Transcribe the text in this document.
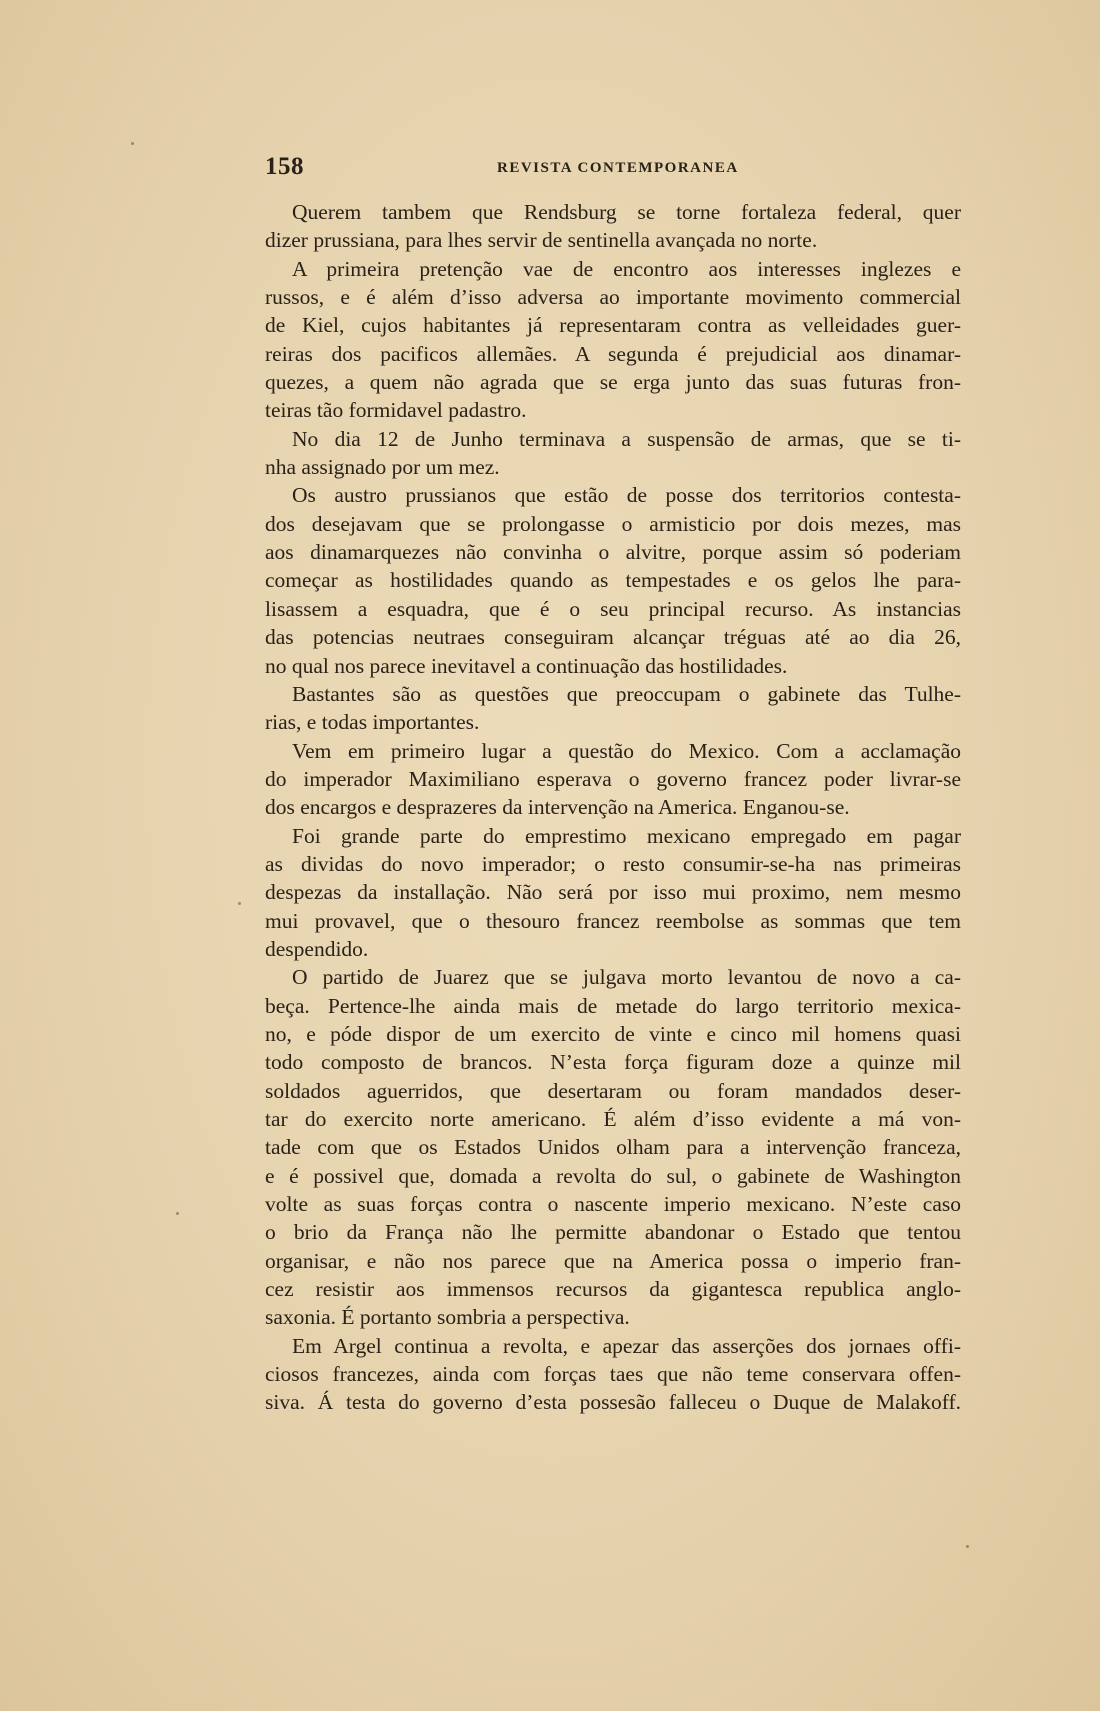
158	REVISTA CONTEMPORANEA
Querem tambem que Rendsburg se torne fortaleza federal, quer
dizer prussiana, para lhes servir de sentinella avançada no norte.
A primeira pretenção vae de encontro aos interesses inglezes e
russos, e é além d’isso adversa ao importante movimento commercial
de Kiel, cujos habitantes já representaram contra as velleidades guer-
reiras dos pacificos allemães. A segunda é prejudicial aos dinamar-
quezes, a quem não agrada que se erga junto das suas futuras fron-
teiras tão formidavel padastro.
No dia 12 de Junho terminava a suspensão de armas, que se ti-
nha assignado por um mez.
Os austro prussianos que estão de posse dos territorios contesta-
dos desejavam que se prolongasse o armisticio por dois mezes, mas
aos dinamarquezes não convinha o alvitre, porque assim só poderiam
começar as hostilidades quando as tempestades e os gelos lhe para-
lisassem a esquadra, que é o seu principal recurso. As instancias
das potencias neutraes conseguiram alcançar tréguas até ao dia 26,
no qual nos parece inevitavel a continuação das hostilidades.
Bastantes são as questões que preoccupam o gabinete das Tulhe-
rias, e todas importantes.
Vem em primeiro lugar a questão do Mexico. Com a acclamação
do imperador Maximiliano esperava o governo francez poder livrar-se
dos encargos e desprazeres da intervenção na America. Enganou-se.
Foi grande parte do emprestimo mexicano empregado em pagar
as dividas do novo imperador; o resto consumir-se-ha nas primeiras
despezas da installação. Não será por isso mui proximo, nem mesmo
mui provavel, que o thesouro francez reembolse as sommas que tem
despendido.
O partido de Juarez que se julgava morto levantou de novo a ca-
beça. Pertence-lhe ainda mais de metade do largo territorio mexica-
no, e póde dispor de um exercito de vinte e cinco mil homens quasi
todo composto de brancos. N’esta força figuram doze a quinze mil
soldados aguerridos, que desertaram ou foram mandados deser-
tar do exercito norte americano. É além d’isso evidente a má von-
tade com que os Estados Unidos olham para a intervenção franceza,
e é possivel que, domada a revolta do sul, o gabinete de Washington
volte as suas forças contra o nascente imperio mexicano. N’este caso
o brio da França não lhe permitte abandonar o Estado que tentou
organisar, e não nos parece que na America possa o imperio fran-
cez resistir aos immensos recursos da gigantesca republica anglo-
saxonia. É portanto sombria a perspectiva.
Em Argel continua a revolta, e apezar das asserções dos jornaes offi-
ciosos francezes, ainda com forças taes que não teme conservara offen-
siva. Á testa do governo d’esta possesão falleceu o Duque de Malakoff.
